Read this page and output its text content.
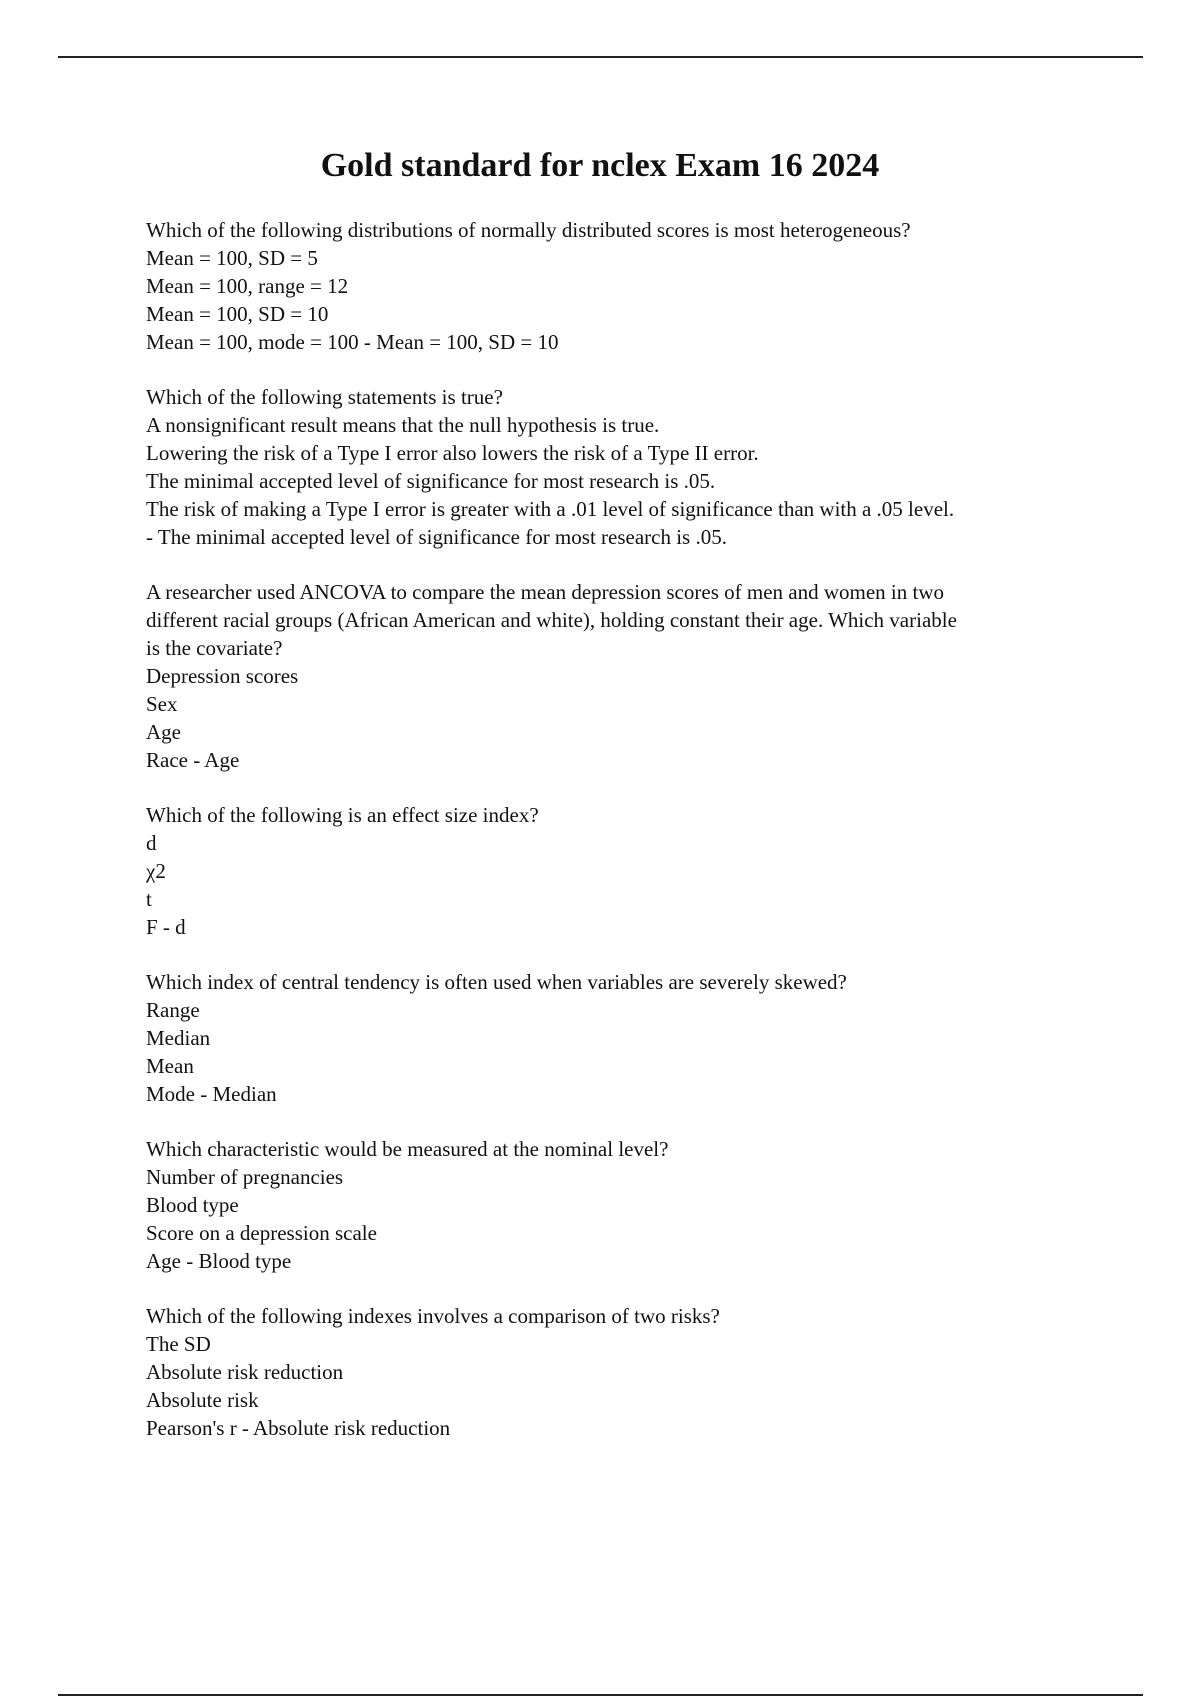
Gold standard for nclex Exam 16 2024
Which of the following distributions of normally distributed scores is most heterogeneous?
Mean = 100, SD = 5
Mean = 100, range = 12
Mean = 100, SD = 10
Mean = 100, mode = 100 - Mean = 100, SD = 10
Which of the following statements is true?
A nonsignificant result means that the null hypothesis is true.
Lowering the risk of a Type I error also lowers the risk of a Type II error.
The minimal accepted level of significance for most research is .05.
The risk of making a Type I error is greater with a .01 level of significance than with a .05 level.
- The minimal accepted level of significance for most research is .05.
A researcher used ANCOVA to compare the mean depression scores of men and women in two
different racial groups (African American and white), holding constant their age. Which variable
is the covariate?
Depression scores
Sex
Age
Race - Age
Which of the following is an effect size index?
d
χ2
t
F - d
Which index of central tendency is often used when variables are severely skewed?
Range
Median
Mean
Mode - Median
Which characteristic would be measured at the nominal level?
Number of pregnancies
Blood type
Score on a depression scale
Age - Blood type
Which of the following indexes involves a comparison of two risks?
The SD
Absolute risk reduction
Absolute risk
Pearson's r - Absolute risk reduction
